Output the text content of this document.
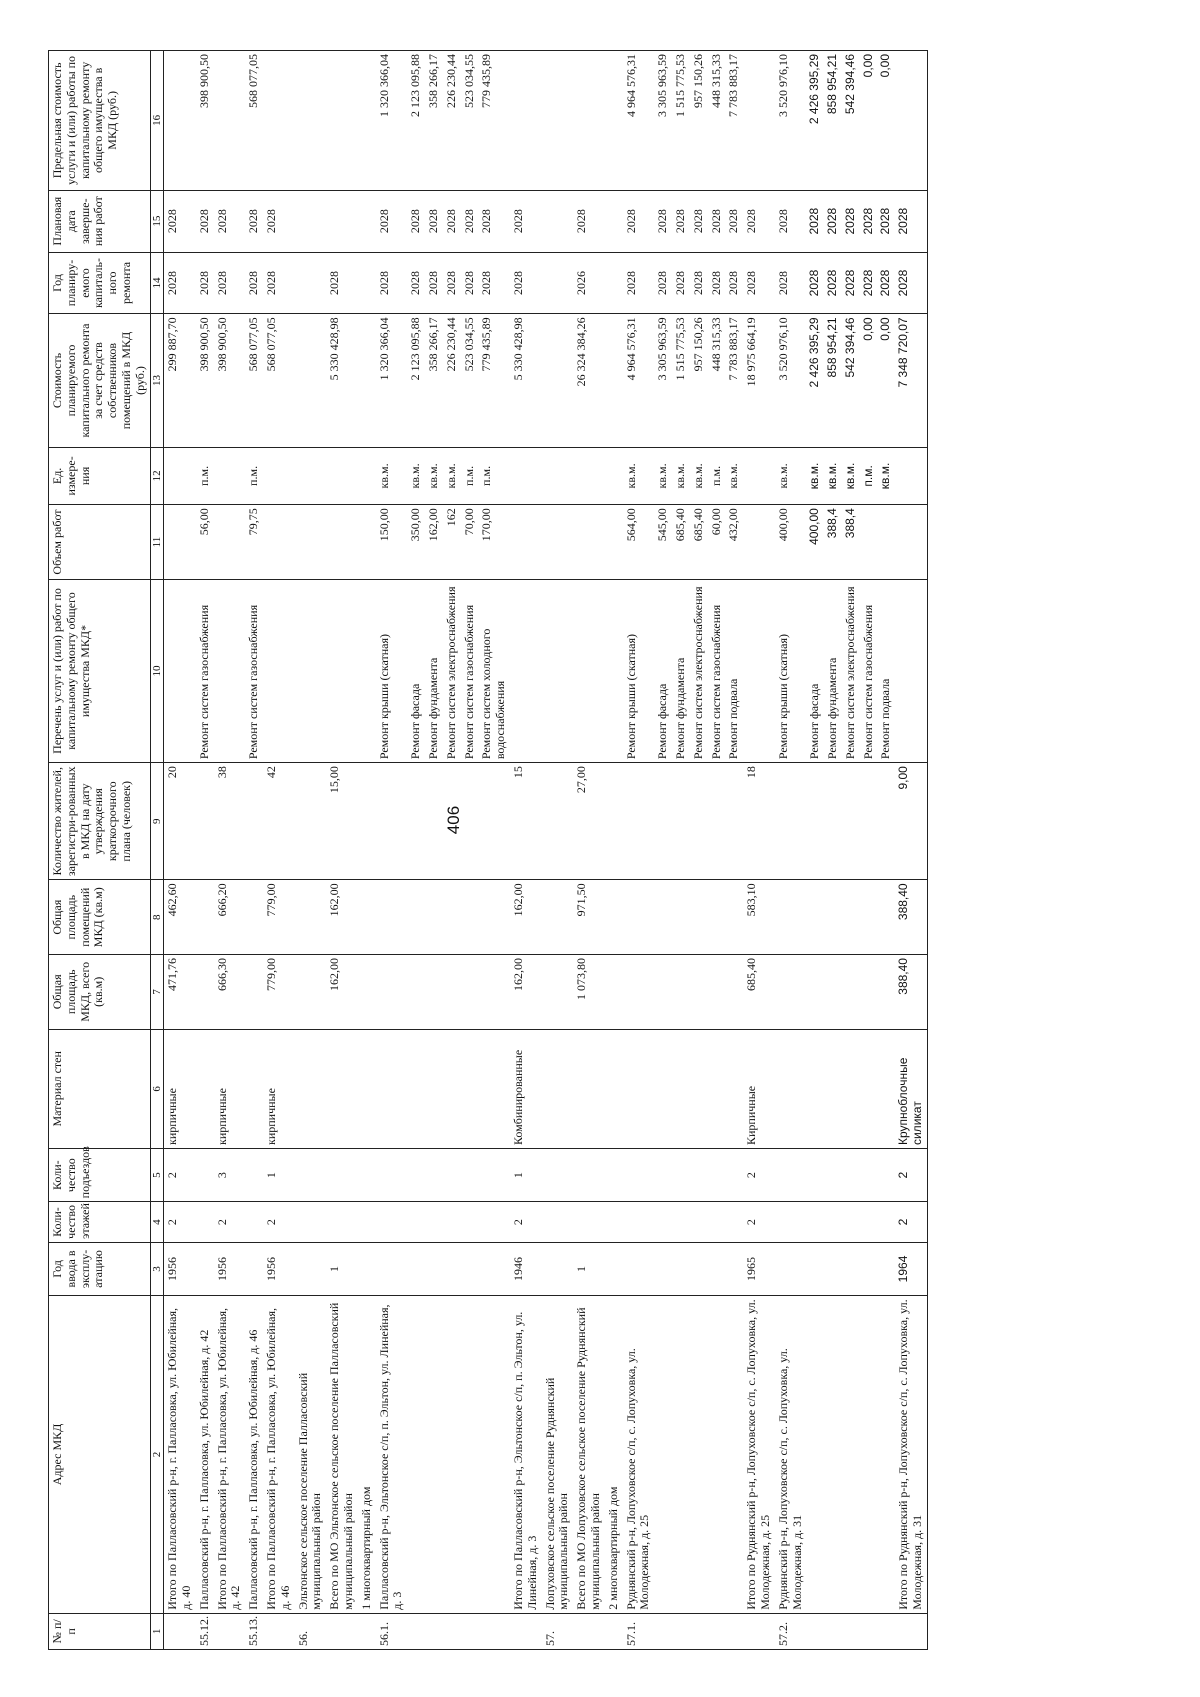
406
№ п/п	Адрес МКД	Год ввода в эксплу-атацию	Коли-чество этажей	Коли-чество подъездов	Материал стен	Общая площадь МКД, всего (кв.м)	Общая площадь помещений МКД (кв.м)	Количество жителей, зарегистри-рованных в МКД на дату утверждения краткосрочного плана (человек)	Перечень услуг и (или) работ по капитальному ремонту общего имущества МКД*	Объем работ	Ед. измере-ния	Стоимость планируемого капитального ремонта за счет средств собственников помещений в МКД (руб.)	Год планиру-емого капиталь-ного ремонта	Плановая дата заверше-ния работ	Предельная стоимость услуги и (или) работы по капитальному ремонту общего имущества в МКД (руб.)
1	2	3	4	5	6	7	8	9	10	11	12	13	14	15	16
	Итого по Палласовский р-н, г. Палласовка, ул. Юбилейная, д. 40	1956	2	2	кирпичные	471,76	462,60	20				299 887,70	2028	2028	
55.12.	Палласовский р-н, г. Палласовка, ул. Юбилейная, д. 42								Ремонт систем газоснабжения	56,00	п.м.	398 900,50	2028	2028	398 900,50
	Итого по Палласовский р-н, г. Палласовка, ул. Юбилейная, д. 42	1956	2	3	кирпичные	666,30	666,20	38				398 900,50	2028	2028	
55.13.	Палласовский р-н, г. Палласовка, ул. Юбилейная, д. 46								Ремонт систем газоснабжения	79,75	п.м.	568 077,05	2028	2028	568 077,05
	Итого по Палласовский р-н, г. Палласовка, ул. Юбилейная, д. 46	1956	2	1	кирпичные	779,00	779,00	42				568 077,05	2028	2028	
56.	Эльтонское сельское поселение Палласовский муниципальный район														
	Всего по МО Эльтонское сельское поселение Палласовский муниципальный район	1				162,00	162,00	15,00				5 330 428,98	2028		
	1 многоквартирный дом														
56.1.	Палласовский р-н, Эльтонское с/п, п. Эльтон, ул. Линейная, д. 3								Ремонт крыши (скатная)	150,00	кв.м.	1 320 366,04	2028	2028	1 320 366,04
									Ремонт фасада	350,00	кв.м.	2 123 095,88	2028	2028	2 123 095,88
									Ремонт фундамента	162,00	кв.м.	358 266,17	2028	2028	358 266,17
									Ремонт систем электроснабжения	162	кв.м.	226 230,44	2028	2028	226 230,44
									Ремонт систем газоснабжения	70,00	п.м.	523 034,55	2028	2028	523 034,55
									Ремонт систем холодного водоснабжения	170,00	п.м.	779 435,89	2028	2028	779 435,89
	Итого по Палласовский р-н, Эльтонское с/п, п. Эльтон, ул. Линейная, д. 3	1946	2	1	Комбинированные	162,00	162,00	15				5 330 428,98	2028	2028	
57.	Лопуховское сельское поселение Руднянский муниципальный район														
	Всего по МО Лопуховское сельское поселение Руднянский муниципальный район	1				1 073,80	971,50	27,00				26 324 384,26	2026	2028	
	2 многоквартирный дом														
57.1.	Руднянский р-н, Лопуховское с/п, с. Лопуховка, ул. Молодежная, д. 25								Ремонт крыши (скатная)	564,00	кв.м.	4 964 576,31	2028	2028	4 964 576,31
									Ремонт фасада	545,00	кв.м.	3 305 963,59	2028	2028	3 305 963,59
									Ремонт фундамента	685,40	кв.м.	1 515 775,53	2028	2028	1 515 775,53
									Ремонт систем электроснабжения	685,40	кв.м.	957 150,26	2028	2028	957 150,26
									Ремонт систем газоснабжения	60,00	п.м.	448 315,33	2028	2028	448 315,33
									Ремонт подвала	432,00	кв.м.	7 783 883,17	2028	2028	7 783 883,17
	Итого по Руднянский р-н, Лопуховское с/п, с. Лопуховка, ул. Молодежная, д. 25	1965	2	2	Кирпичные	685,40	583,10	18				18 975 664,19	2028	2028	
57.2.	Руднянский р-н, Лопуховское с/п, с. Лопуховка, ул. Молодежная, д. 31								Ремонт крыши (скатная)	400,00	кв.м.	3 520 976,10	2028	2028	3 520 976,10
									Ремонт фасада	400,00	кв.м.	2 426 395,29	2028	2028	2 426 395,29
									Ремонт фундамента	388,4	кв.м.	858 954,21	2028	2028	858 954,21
									Ремонт систем электроснабжения	388,4	кв.м.	542 394,46	2028	2028	542 394,46
									Ремонт систем газоснабжения		п.м.	0,00	2028	2028	0,00
									Ремонт подвала		кв.м.	0,00	2028	2028	0,00
	Итого по Руднянский р-н, Лопуховское с/п, с. Лопуховка, ул. Молодежная, д. 31	1964	2	2	Крупноблочные силикат	388,40	388,40	9,00				7 348 720,07	2028	2028	
